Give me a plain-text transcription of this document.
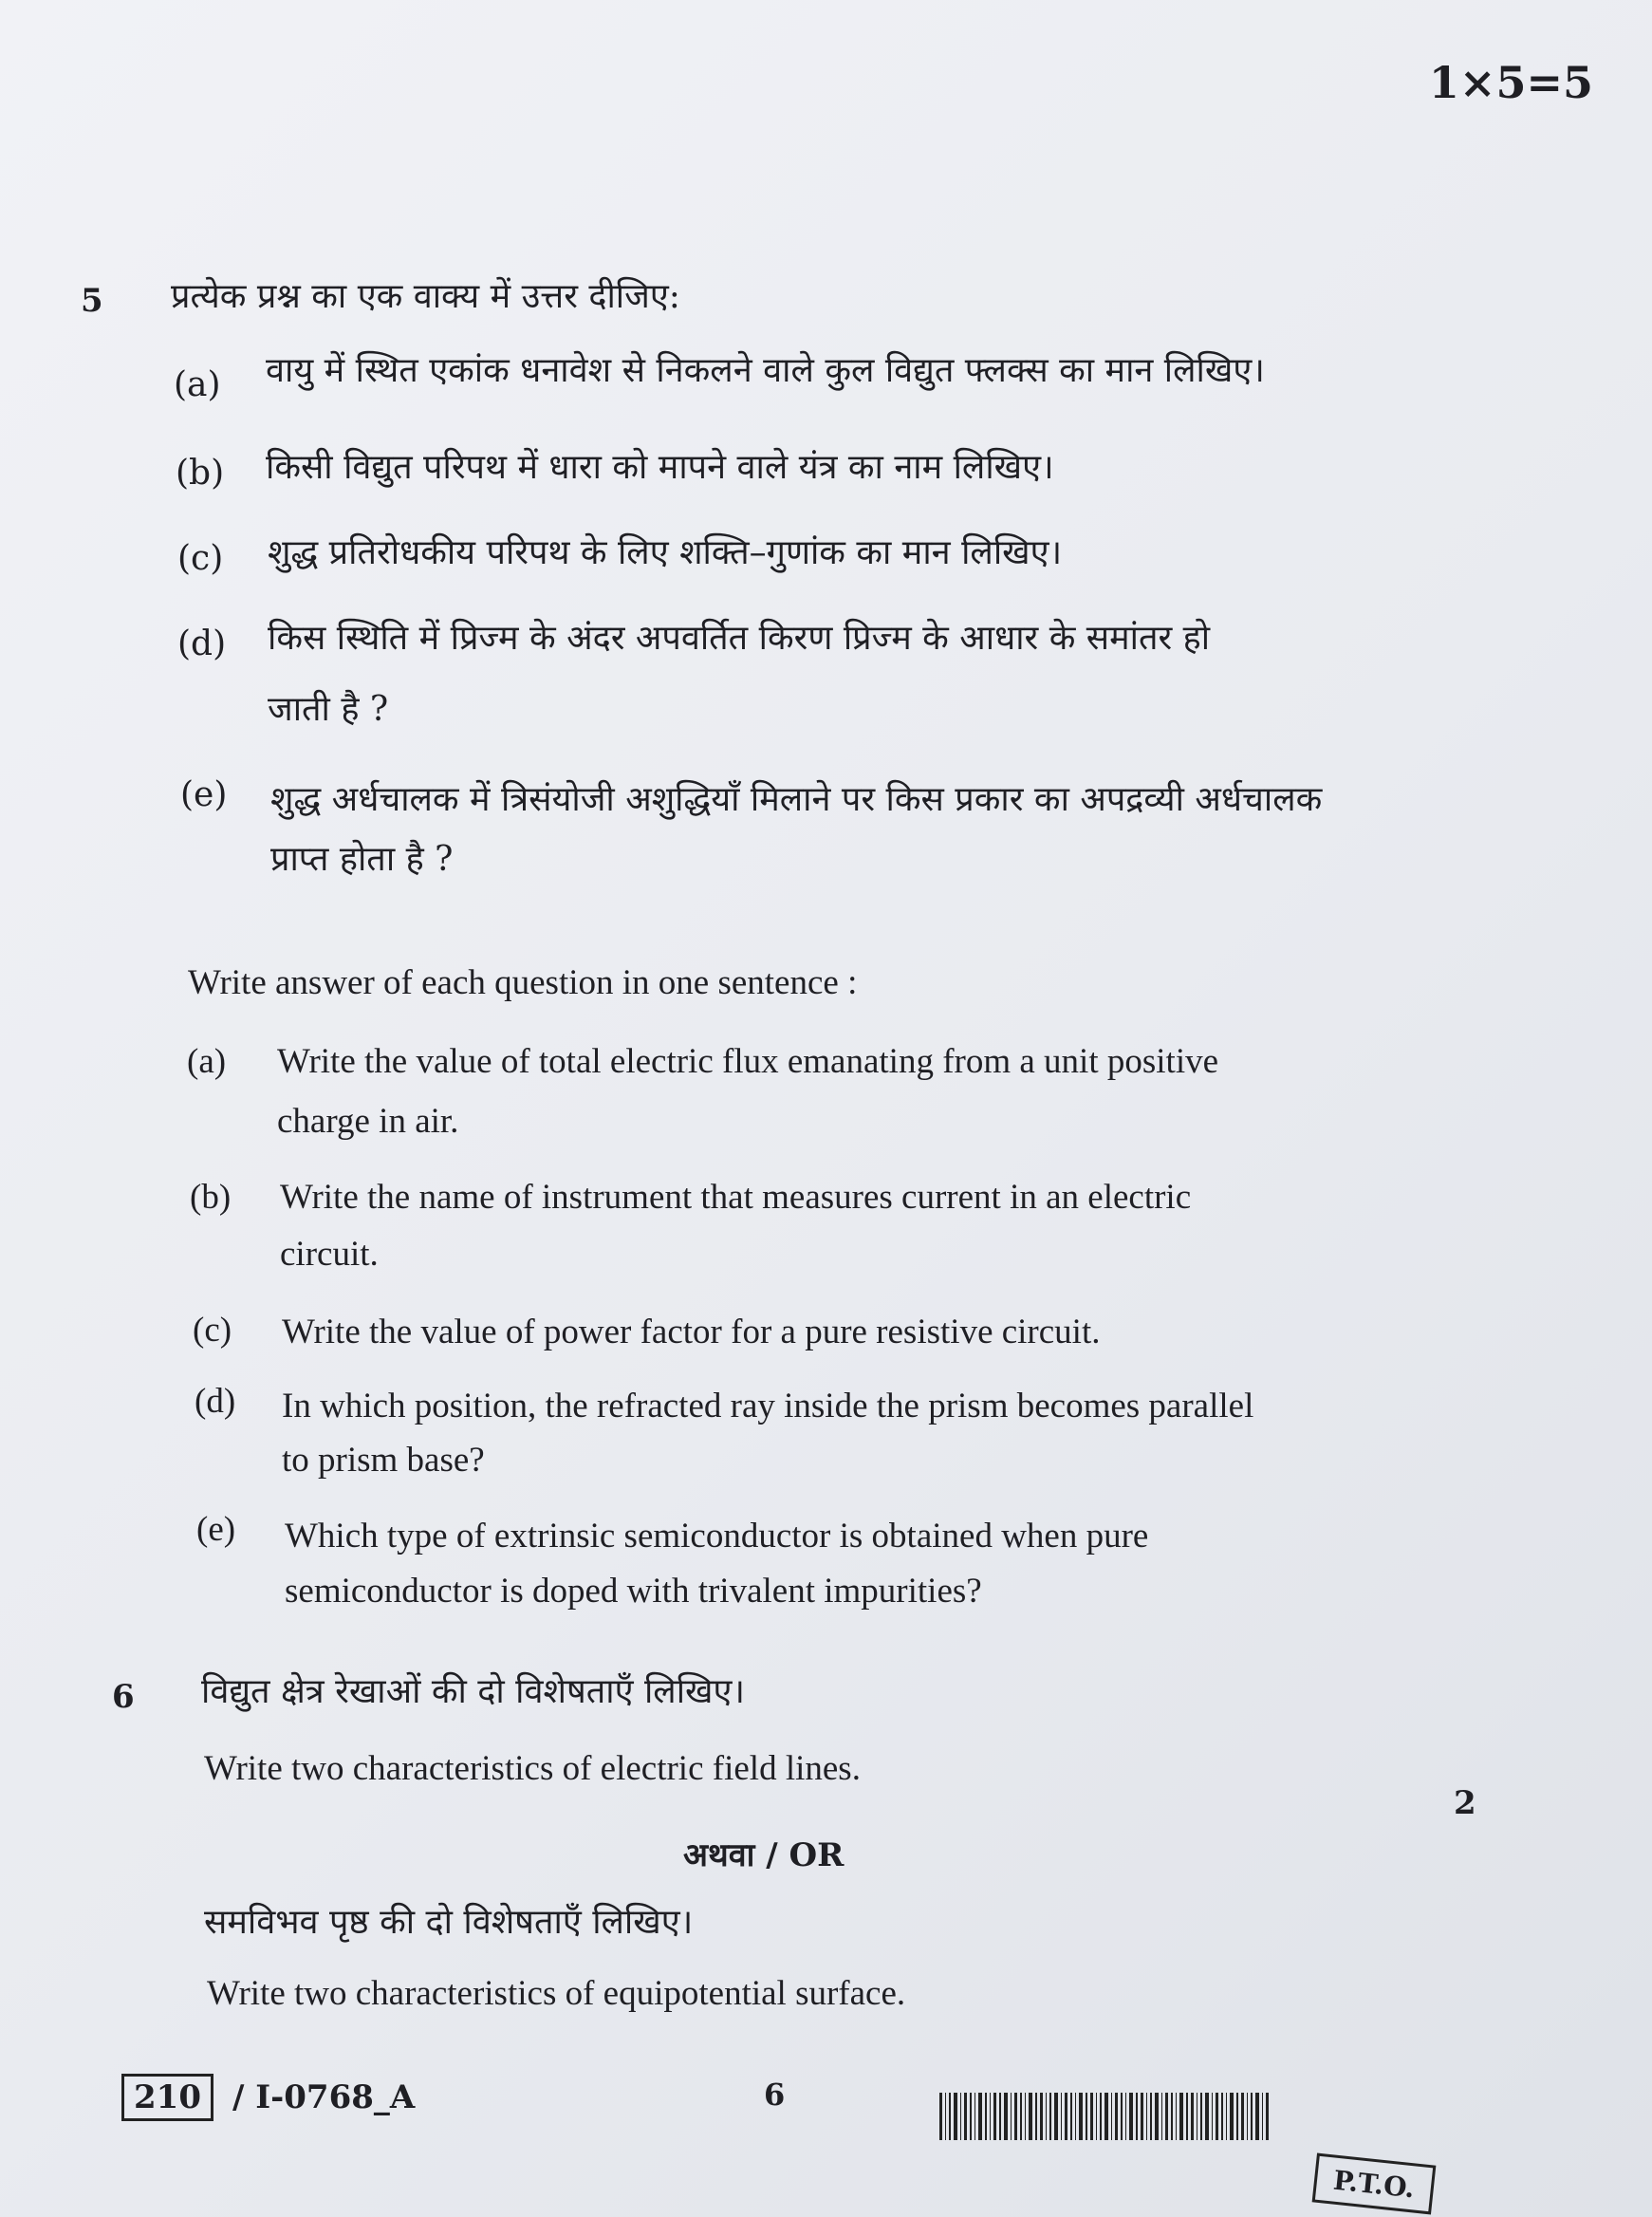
1×5=5
5 प्रत्येक प्रश्न का एक वाक्य में उत्तर दीजिए:
(a) वायु में स्थित एकांक धनावेश से निकलने वाले कुल विद्युत फ्लक्स का मान लिखिए।
(b) किसी विद्युत परिपथ में धारा को मापने वाले यंत्र का नाम लिखिए।
(c) शुद्ध प्रतिरोधकीय परिपथ के लिए शक्ति–गुणांक का मान लिखिए।
(d) किस स्थिति में प्रिज्म के अंदर अपवर्तित किरण प्रिज्म के आधार के समांतर हो
जाती है ?
(e) शुद्ध अर्धचालक में त्रिसंयोजी अशुद्धियाँ मिलाने पर किस प्रकार का अपद्रव्यी अर्धचालक
प्राप्त होता है ?
Write answer of each question in one sentence :
(a) Write the value of total electric flux emanating from a unit positive
charge in air.
(b) Write the name of instrument that measures current in an electric
circuit.
(c) Write the value of power factor for a pure resistive circuit.
(d) In which position, the refracted ray inside the prism becomes parallel
to prism base?
(e) Which type of extrinsic semiconductor is obtained when pure
semiconductor is doped with trivalent impurities?
6 विद्युत क्षेत्र रेखाओं की दो विशेषताएँ लिखिए।
Write two characteristics of electric field lines.
2
अथवा / OR
समविभव पृष्ठ की दो विशेषताएँ लिखिए।
Write two characteristics of equipotential surface.
210 / I-0768_A	6
P.T.O.
